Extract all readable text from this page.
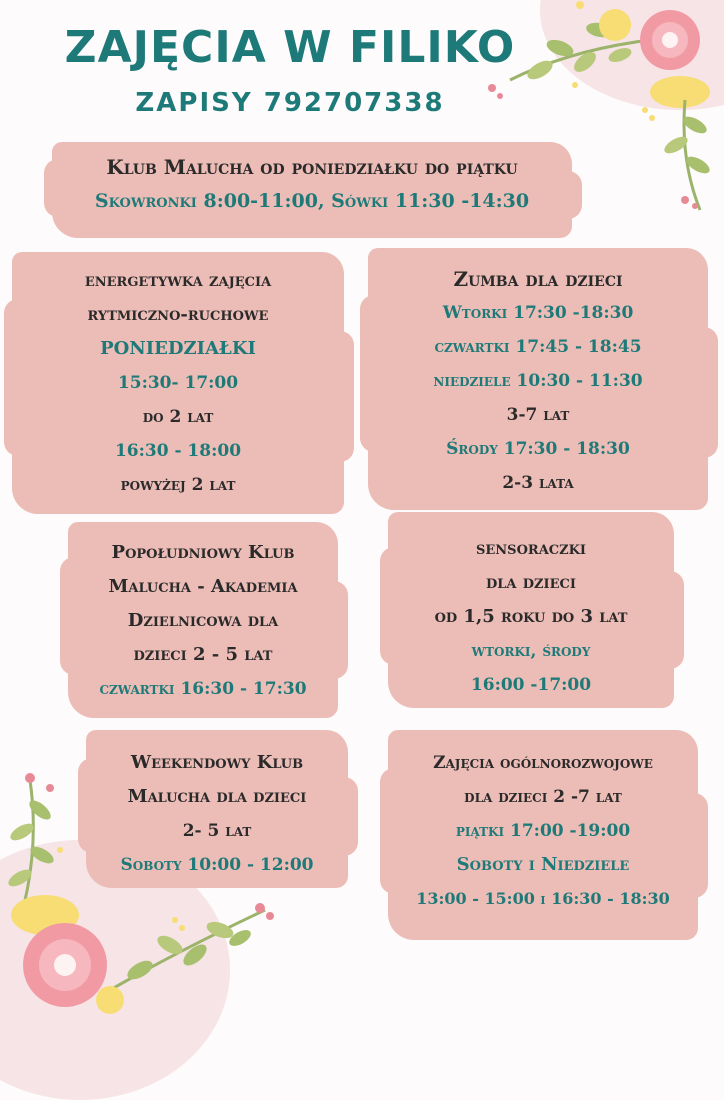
ZAJĘCIA W FILIKO
ZAPISY 792707338
Klub Malucha od poniedziałku do piątku
Skowronki 8:00-11:00, Sówki 11:30 -14:30
energetywka zajęcia
rytmiczno-ruchowe
PONIEDZIAŁKI
15:30- 17:00
do 2 lat
16:30 - 18:00
powyżej 2 lat
Zumba dla dzieci
Wtorki 17:30 -18:30
czwartki 17:45 - 18:45
niedziele 10:30 - 11:30
3-7 lat
Środy 17:30 - 18:30
2-3 lata
Popołudniowy Klub
Malucha - Akademia
Dzielnicowa dla
dzieci 2 - 5 lat
czwartki 16:30 - 17:30
sensoraczki
dla dzieci
od 1,5 roku do 3 lat
wtorki, środy
16:00 -17:00
Weekendowy Klub
Malucha dla dzieci
2- 5 lat
Soboty 10:00 - 12:00
Zajęcia ogólnorozwojowe
dla dzieci 2 -7 lat
piątki 17:00 -19:00
Soboty i Niedziele
13:00 - 15:00 i 16:30 - 18:30
